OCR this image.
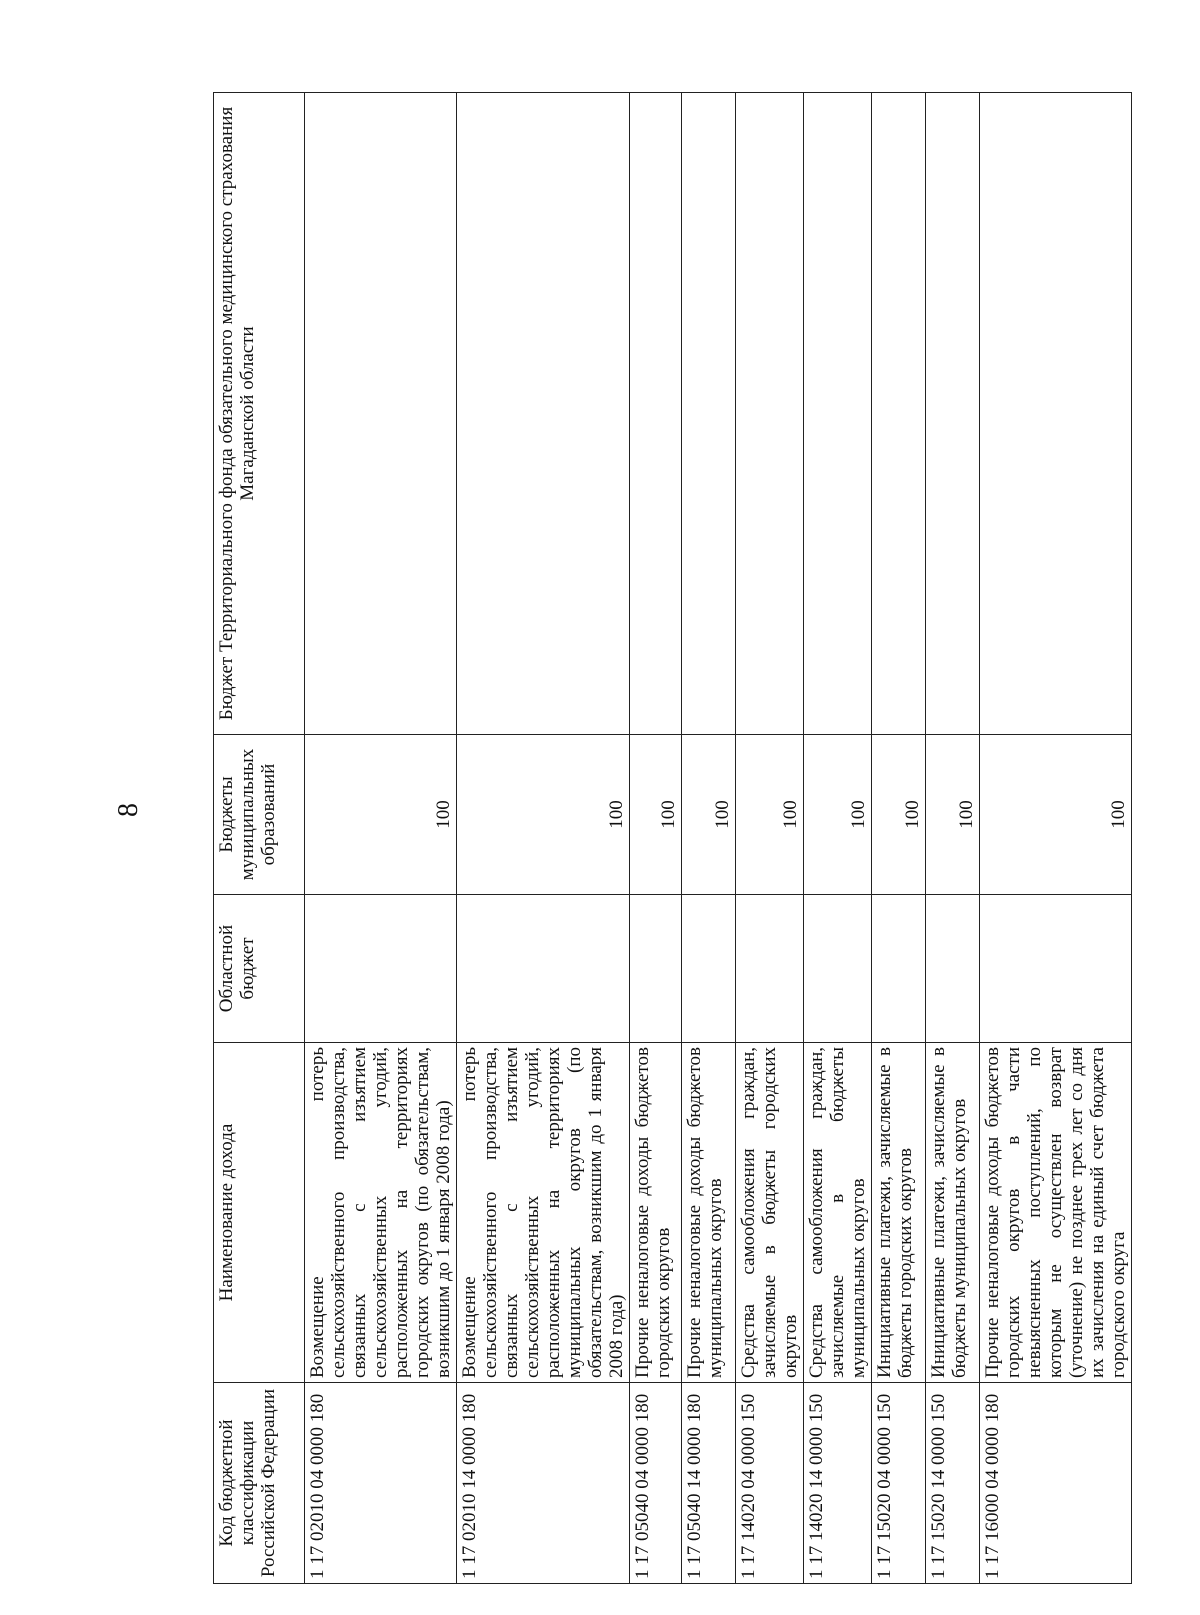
8
Код бюджетной классификации Российской Федерации	Наименование дохода	Областной бюджет	Бюджеты муниципальных образований	Бюджет Территориального фонда обязательного медицинского страхования Магаданской области
1 17 02010 04 0000 180	Возмещение потерь сельскохозяйственного производства, связанных с изъятием сельскохозяйственных угодий, расположенных на территориях городских округов (по обязательствам, возникшим до 1 января 2008 года)		100	
1 17 02010 14 0000 180	Возмещение потерь сельскохозяйственного производства, связанных с изъятием сельскохозяйственных угодий, расположенных на территориях муниципальных округов (по обязательствам, возникшим до 1 января 2008 года)		100	
1 17 05040 04 0000 180	Прочие неналоговые доходы бюджетов городских округов		100	
1 17 05040 14 0000 180	Прочие неналоговые доходы бюджетов муниципальных округов		100	
1 17 14020 04 0000 150	Средства самообложения граждан, зачисляемые в бюджеты городских округов		100	
1 17 14020 14 0000 150	Средства самообложения граждан, зачисляемые в бюджеты муниципальных округов		100	
1 17 15020 04 0000 150	Инициативные платежи, зачисляемые в бюджеты городских округов		100	
1 17 15020 14 0000 150	Инициативные платежи, зачисляемые в бюджеты муниципальных округов		100	
1 17 16000 04 0000 180	Прочие неналоговые доходы бюджетов городских округов в части невыясненных поступлений, по которым не осуществлен возврат (уточнение) не позднее трех лет со дня их зачисления на единый счет бюджета городского округа		100	
